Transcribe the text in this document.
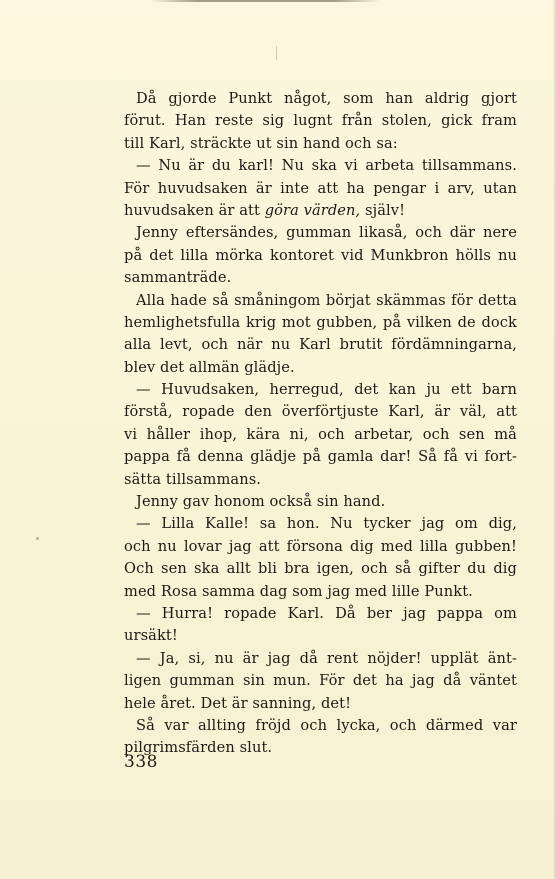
Då gjorde Punkt något, som han aldrig gjort
förut. Han reste sig lugnt från stolen, gick fram
till Karl, sträckte ut sin hand och sa:
— Nu är du karl! Nu ska vi arbeta tillsammans.
För huvudsaken är inte att ha pengar i arv, utan
huvudsaken är att göra värden, själv!
Jenny eftersändes, gumman likaså, och där nere
på det lilla mörka kontoret vid Munkbron hölls nu
sammanträde.
Alla hade så småningom börjat skämmas för detta
hemlighetsfulla krig mot gubben, på vilken de dock
alla levt, och när nu Karl brutit fördämningarna,
blev det allmän glädje.
— Huvudsaken, herregud, det kan ju ett barn
förstå, ropade den överförtjuste Karl, är väl, att
vi håller ihop, kära ni, och arbetar, och sen må
pappa få denna glädje på gamla dar! Så få vi fort-
sätta tillsammans.
Jenny gav honom också sin hand.
— Lilla Kalle! sa hon. Nu tycker jag om dig,
och nu lovar jag att försona dig med lilla gubben!
Och sen ska allt bli bra igen, och så gifter du dig
med Rosa samma dag som jag med lille Punkt.
— Hurra! ropade Karl. Då ber jag pappa om
ursäkt!
— Ja, si, nu är jag då rent nöjder! upplät änt-
ligen gumman sin mun. För det ha jag då väntet
hele året. Det är sanning, det!
Så var allting fröjd och lycka, och därmed var
pilgrimsfärden slut.
338
